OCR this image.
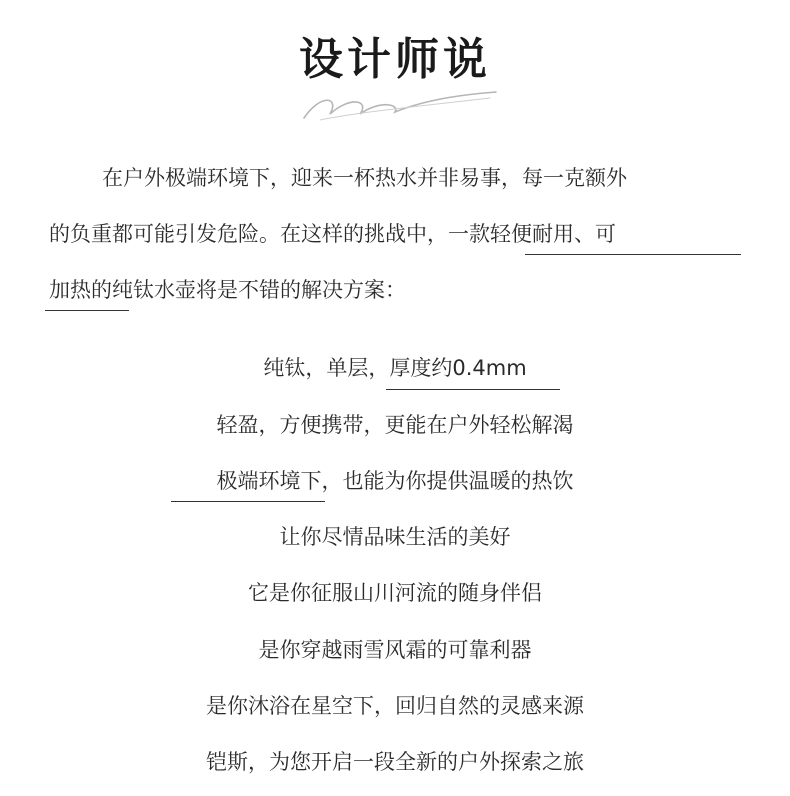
设计师说
在户外极端环境下，迎来一杯热水并非易事，每一克额外
的负重都可能引发危险。在这样的挑战中，一款轻便耐用、可
加热的纯钛水壶将是不错的解决方案：
纯钛，单层，厚度约0.4mm
轻盈，方便携带，更能在户外轻松解渴
极端环境下，也能为你提供温暖的热饮
让你尽情品味生活的美好
它是你征服山川河流的随身伴侣
是你穿越雨雪风霜的可靠利器
是你沐浴在星空下，回归自然的灵感来源
铠斯，为您开启一段全新的户外探索之旅
